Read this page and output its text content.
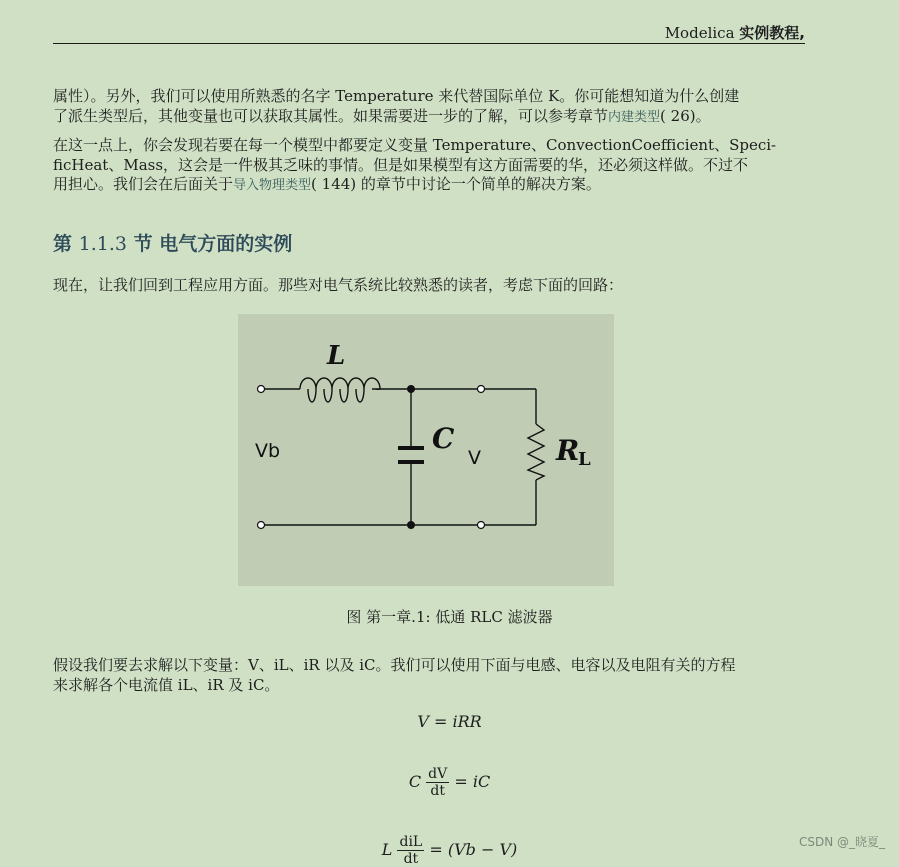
Modelica 实例教程,
属性）。另外，我们可以使用所熟悉的名字 Temperature 来代替国际单位 K。你可能想知道为什么创建
了派生类型后，其他变量也可以获取其属性。如果需要进一步的了解，可以参考章节内建类型( 26)。
在这一点上，你会发现若要在每一个模型中都要定义变量 Temperature、ConvectionCoefficient、Speci-
ficHeat、Mass，这会是一件极其乏味的事情。但是如果模型有这方面需要的华，还必须这样做。不过不
用担心。我们会在后面关于导入物理类型( 144) 的章节中讨论一个简单的解决方案。
第 1.1.3 节 电气方面的实例
现在，让我们回到工程应用方面。那些对电气系统比较熟悉的读者，考虑下面的回路：
L
C	R
L
Vb	V
图 第一章.1: 低通 RLC 滤波器
假设我们要去求解以下变量：V、iL、iR 以及 iC。我们可以使用下面与电感、电容以及电阻有关的方程
来求解各个电流值 iL、iR 及 iC。
V = iRR
C $\frac{dV}{dt}$ = iC
L $\frac{\text{diL}}{dt} = (Vb - V)$	CSDN @_晓夏_
